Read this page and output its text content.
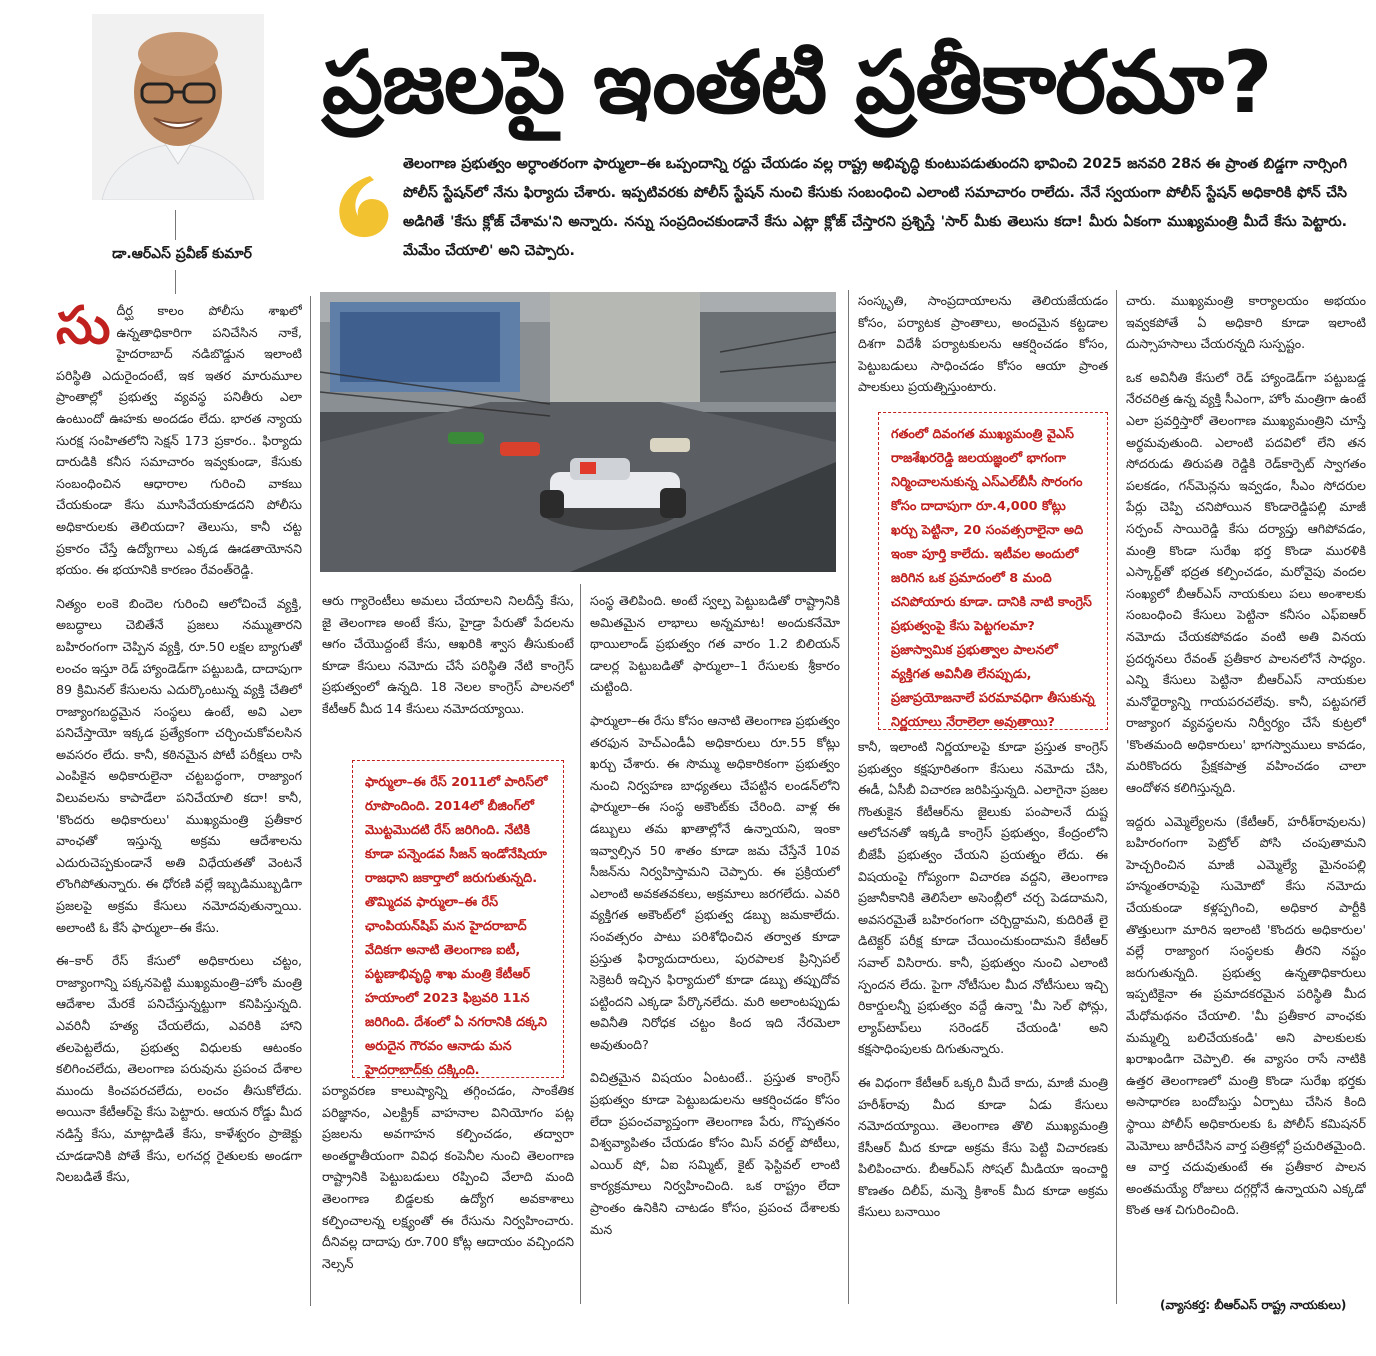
డా.ఆర్‌ఎస్ ప్రవీణ్ కుమార్
ప్రజలపై ఇంతటి ప్రతీకారమా?
తెలంగాణ ప్రభుత్వం అర్ధాంతరంగా ఫార్ములా–ఈ ఒప్పందాన్ని రద్దు చేయడం వల్ల రాష్ట్ర అభివృద్ధి కుంటుపడుతుందని భావించి 2025 జనవరి 28న ఈ ప్రాంత బిడ్డగా నార్సింగి పోలీస్ స్టేషన్‌లో నేను ఫిర్యాదు చేశారు. ఇప్పటివరకు పోలీస్ స్టేషన్ నుంచి కేసుకు సంబంధించి ఎలాంటి సమాచారం రాలేదు. నేనే స్వయంగా పోలీస్ స్టేషన్ అధికారికి ఫోన్ చేసి అడిగితే 'కేసు క్లోజ్ చేశామ'ని అన్నారు. నన్ను సంప్రదించకుండానే కేసు ఎట్లా క్లోజ్ చేస్తారని ప్రశ్నిస్తే 'సార్ మీకు తెలుసు కదా! మీరు ఏకంగా ముఖ్యమంత్రి మీదే కేసు పెట్టారు. మేమేం చేయాలి' అని చెప్పారు.

సుదీర్ఘ కాలం పోలీసు శాఖలో ఉన్నతాధికారిగా పనిచేసిన నాకే, హైదరాబాద్ నడిబొడ్డున ఇలాంటి పరిస్థితి ఎదురైందంటే, ఇక ఇతర మారుమూల ప్రాంతాల్లో ప్రభుత్వ వ్యవస్థ పనితీరు ఎలా ఉంటుందో ఊహకు అందడం లేదు. భారత న్యాయ సురక్ష సంహితలోని సెక్షన్ 173 ప్రకారం.. ఫిర్యాదు దారుడికి కనీస సమాచారం ఇవ్వకుండా, కేసుకు సంబంధించిన ఆధారాల గురించి వాకబు చేయకుండా కేసు మూసివేయకూడదని పోలీసు అధికారులకు తెలియదా? తెలుసు, కానీ చట్ట ప్రకారం చేస్తే ఉద్యోగాలు ఎక్కడ ఊడతాయోనని భయం. ఈ భయానికి కారణం రేవంత్‌రెడ్డి.

నిత్యం లంకె బిందెల గురించి ఆలోచించే వ్యక్తి, అబద్ధాలు చెబితేనే ప్రజలు నమ్ముతారని బహిరంగంగా చెప్పిన వ్యక్తి, రూ.50 లక్షల బ్యాగుతో లంచం ఇస్తూ రెడ్ హ్యాండెడ్‌గా పట్టుబడి, దాదాపుగా 89 క్రిమినల్ కేసులను ఎదుర్కొంటున్న వ్యక్తి చేతిలో రాజ్యాంగబద్ధమైన సంస్థలు ఉంటే, అవి ఎలా పనిచేస్తాయో ఇక్కడ ప్రత్యేకంగా చర్చించుకోవలసిన అవసరం లేదు. కానీ, కఠినమైన పోటీ పరీక్షలు రాసి ఎంపికైన అధికారులైనా చట్టబద్ధంగా, రాజ్యాంగ విలువలను కాపాడేలా పనిచేయాలి కదా! కానీ, 'కొందరు అధికారులు' ముఖ్యమంత్రి ప్రతీకార వాంఛతో ఇస్తున్న అక్రమ ఆదేశాలను ఎదురుచెప్పకుండానే అతి విధేయతతో వెంటనే లొంగిపోతున్నారు. ఈ ధోరణి వల్లే ఇబ్బడిముబ్బడిగా ప్రజలపై అక్రమ కేసులు నమోదవుతున్నాయి. అలాంటి ఓ కేసే ఫార్ములా–ఈ కేసు.

ఈ–కార్ రేస్ కేసులో అధికారులు చట్టం, రాజ్యాంగాన్ని పక్కనపెట్టి ముఖ్యమంత్రి–హోం మంత్రి ఆదేశాల మేరకే పనిచేస్తున్నట్టుగా కనిపిస్తున్నది. ఎవరినీ హత్య చేయలేదు, ఎవరికి హాని తలపెట్టలేదు, ప్రభుత్వ విధులకు ఆటంకం కలిగించలేదు, తెలంగాణ పరువును ప్రపంచ దేశాల ముందు కించపరచలేదు, లంచం తీసుకోలేదు. అయినా కేటీఆర్‌పై కేసు పెట్టారు. ఆయన రోడ్డు మీద నడిస్తే కేసు, మాట్లాడితే కేసు, కాళేశ్వరం ప్రాజెక్టు చూడడానికి పోతే కేసు, లగచర్ల రైతులకు అండగా నిలబడితే కేసు,

ఆరు గ్యారెంటీలు అమలు చేయాలని నిలదీస్తే కేసు, జై తెలంగాణ అంటే కేసు, హైడ్రా పేరుతో పేదలను ఆగం చేయొద్దంటే కేసు, ఆఖరికి శ్వాస తీసుకుంటే కూడా కేసులు నమోదు చేసే పరిస్థితి నేటి కాంగ్రెస్ ప్రభుత్వంలో ఉన్నది. 18 నెలల కాంగ్రెస్ పాలనలో కేటీఆర్ మీద 14 కేసులు నమోదయ్యాయి.

ఫార్ములా–ఈ రేస్ 2011లో పారిస్‌లో రూపొందింది. 2014లో బీజింగ్‌లో మొట్టమొదటి రేస్ జరిగింది. నేటికి కూడా పన్నెండవ సీజన్ ఇండోనేషియా రాజధాని జకార్తాలో జరుగుతున్నది. తొమ్మిదవ ఫార్ములా–ఈ రేస్ ఛాంపియన్‌షిప్ మన హైదరాబాద్ వేదికగా అనాటి తెలంగాణ ఐటీ, పట్టణాభివృద్ధి శాఖ మంత్రి కేటీఆర్ హయాంలో 2023 ఫిబ్రవరి 11న జరిగింది. దేశంలో ఏ నగరానికి దక్కని అరుదైన గౌరవం ఆనాడు మన హైదరాబాద్‌కు దక్కింది.

పర్యావరణ కాలుష్యాన్ని తగ్గించడం, సాంకేతిక పరిజ్ఞానం, ఎలక్ట్రిక్ వాహనాల వినియోగం పట్ల ప్రజలను అవగాహన కల్పించడం, తద్వారా అంతర్జాతీయంగా వివిధ కంపెనీల నుంచి తెలంగాణ రాష్ట్రానికి పెట్టుబడులు రప్పించి వేలాది మంది తెలంగాణ బిడ్డలకు ఉద్యోగ అవకాశాలు కల్పించాలన్న లక్ష్యంతో ఈ రేసును నిర్వహించారు. దీనివల్ల దాదాపు రూ.700 కోట్ల ఆదాయం వచ్చిందని నెల్సన్

సంస్థ తెలిపింది. అంటే స్వల్ప పెట్టుబడితో రాష్ట్రానికి అమితమైన లాభాలు అన్నమాట! అందుకనేమో థాయిలాండ్ ప్రభుత్వం గత వారం 1.2 బిలియన్ డాలర్ల పెట్టుబడితో ఫార్ములా–1 రేసులకు శ్రీకారం చుట్టింది.

ఫార్ములా–ఈ రేసు కోసం ఆనాటి తెలంగాణ ప్రభుత్వం తరఫున హెచ్‌ఎండీఏ అధికారులు రూ.55 కోట్లు ఖర్చు చేశారు. ఈ సొమ్ము అధికారికంగా ప్రభుత్వం నుంచి నిర్వహణ బాధ్యతలు చేపట్టిన లండన్‌లోని ఫార్ములా–ఈ సంస్థ అకౌంట్‌కు చేరింది. వాళ్ల ఈ డబ్బులు తమ ఖాతాల్లోనే ఉన్నాయని, ఇంకా ఇవ్వాల్సిన 50 శాతం కూడా జమ చేస్తేనే 10వ సీజన్‌ను నిర్వహిస్తామని చెప్పారు. ఈ ప్రక్రియలో ఎలాంటి అవకతవకలు, అక్రమాలు జరగలేదు. ఎవరి వ్యక్తిగత అకౌంట్‌లో ప్రభుత్వ డబ్బు జమకాలేదు. సంవత్సరం పాటు పరిశోధించిన తర్వాత కూడా ప్రస్తుత ఫిర్యాదుదారులు, పురపాలక ప్రిన్సిపల్ సెక్రెటరీ ఇచ్చిన ఫిర్యాదులో కూడా డబ్బు తప్పుదోవ పట్టిందని ఎక్కడా పేర్కొనలేదు. మరి అలాంటప్పుడు అవినీతి నిరోధక చట్టం కింద ఇది నేరమెలా అవుతుంది?

విచిత్రమైన విషయం ఏంటంటే.. ప్రస్తుత కాంగ్రెస్ ప్రభుత్వం కూడా పెట్టుబడులను ఆకర్షించడం కోసం లేదా ప్రపంచవ్యాప్తంగా తెలంగాణ పేరు, గొప్పతనం విశ్వవ్యాపితం చేయడం కోసం మిస్ వరల్డ్ పోటీలు, ఎయిర్ షో, ఏఐ సమ్మిట్, కైట్ ఫెస్టివల్ లాంటి కార్యక్రమాలు నిర్వహించింది. ఒక రాష్ట్రం లేదా ప్రాంతం ఉనికిని చాటడం కోసం, ప్రపంచ దేశాలకు మన

సంస్కృతి, సాంప్రదాయాలను తెలియజేయడం కోసం, పర్యాటక ప్రాంతాలు, అందమైన కట్టడాల దిశగా విదేశీ పర్యాటకులను ఆకర్షించడం కోసం, పెట్టుబడులు సాధించడం కోసం ఆయా ప్రాంత పాలకులు ప్రయత్నిస్తుంటారు.

గతంలో దివంగత ముఖ్యమంత్రి వైఎస్ రాజశేఖరరెడ్డి జలయజ్ఞంలో భాగంగా నిర్మించాలనుకున్న ఎస్‌ఎల్‌బీసీ సొరంగం కోసం దాదాపుగా రూ.4,000 కోట్లు ఖర్చు పెట్టినా, 20 సంవత్సరాలైనా అది ఇంకా పూర్తి కాలేదు. ఇటీవల అందులో జరిగిన ఒక ప్రమాదంలో 8 మంది చనిపోయారు కూడా. దానికి నాటి కాంగ్రెస్ ప్రభుత్వంపై కేసు పెట్టగలమా? ప్రజాస్వామిక ప్రభుత్వాల పాలనలో వ్యక్తిగత అవినీతి లేనప్పుడు, ప్రజాప్రయోజనాలే పరమావధిగా తీసుకున్న నిర్ణయాలు నేరాలెలా అవుతాయి?

కానీ, ఇలాంటి నిర్ణయాలపై కూడా ప్రస్తుత కాంగ్రెస్ ప్రభుత్వం కక్షపూరితంగా కేసులు నమోదు చేసి, ఈడీ, ఏసీబీ విచారణ జరిపిస్తున్నది. ఎలాగైనా ప్రజల గొంతుకైన కేటీఆర్‌ను జైలుకు పంపాలనే దుష్ట ఆలోచనతో ఇక్కడి కాంగ్రెస్ ప్రభుత్వం, కేంద్రంలోని బీజేపీ ప్రభుత్వం చేయని ప్రయత్నం లేదు. ఈ విషయంపై గోప్యంగా విచారణ వద్దని, తెలంగాణ ప్రజానీకానికి తెలిసేలా అసెంబ్లీలో చర్చ పెడదామని, అవసరమైతే బహిరంగంగా చర్చిద్దామని, కుదిరితే లై డిటెక్టర్ పరీక్ష కూడా చేయించుకుందామని కేటీఆర్ సవాల్ విసిరారు. కానీ, ప్రభుత్వం నుంచి ఎలాంటి స్పందన లేదు. పైగా నోటీసుల మీద నోటీసులు ఇచ్చి రికార్డులన్నీ ప్రభుత్వం వద్దే ఉన్నా 'మీ సెల్ ఫోన్లు, ల్యాప్‌టాప్‌లు సరెండర్ చేయండి' అని కక్షసాధింపులకు దిగుతున్నారు.

ఈ విధంగా కేటీఆర్ ఒక్కరి మీదే కాదు, మాజీ మంత్రి హరీశ్‌రావు మీద కూడా ఏడు కేసులు నమోదయ్యాయి. తెలంగాణ తొలి ముఖ్యమంత్రి కేసీఆర్ మీద కూడా అక్రమ కేసు పెట్టి విచారణకు పిలిపించారు. బీఆర్‌ఎస్ సోషల్ మీడియా ఇంచార్జి కొణతం దిలీప్, మన్నె క్రిశాంక్ మీద కూడా అక్రమ కేసులు బనాయిం

చారు. ముఖ్యమంత్రి కార్యాలయం అభయం ఇవ్వకపోతే ఏ అధికారి కూడా ఇలాంటి దుస్సాహసాలు చేయరన్నది సుస్పష్టం.

ఒక అవినీతి కేసులో రెడ్ హ్యాండెడ్‌గా పట్టుబడ్డ నేరచరిత్ర ఉన్న వ్యక్తి సీఎంగా, హోం మంత్రిగా ఉంటే ఎలా ప్రవర్తిస్తారో తెలంగాణ ముఖ్యమంత్రిని చూస్తే అర్థమవుతుంది. ఎలాంటి పదవిలో లేని తన సోదరుడు తిరుపతి రెడ్డికి రెడ్‌కార్పెట్ స్వాగతం పలకడం, గన్‌మెన్లను ఇవ్వడం, సీఎం సోదరుల పేర్లు చెప్పి చనిపోయిన కొండారెడ్డిపల్లి మాజీ సర్పంచ్ సాయిరెడ్డి కేసు దర్యాప్తు ఆగిపోవడం, మంత్రి కొండా సురేఖ భర్త కొండా మురళికి ఎస్కార్ట్‌తో భద్రత కల్పించడం, మరోవైపు వందల సంఖ్యలో బీఆర్‌ఎస్ నాయకులు పలు అంశాలకు సంబంధించి కేసులు పెట్టినా కనీసం ఎఫ్‌ఐఆర్ నమోదు చేయకపోవడం వంటి అతి వినయ ప్రదర్శనలు రేవంత్ ప్రతీకార పాలనలోనే సాధ్యం. ఎన్ని కేసులు పెట్టినా బీఆర్‌ఎస్ నాయకుల మనోధైర్యాన్ని గాయపరచలేవు. కానీ, పట్టపగలే రాజ్యాంగ వ్యవస్థలను నిర్వీర్యం చేసే కుట్రలో 'కొంతమంది అధికారులు' భాగస్వాములు కావడం, మరికొందరు ప్రేక్షకపాత్ర వహించడం చాలా ఆందోళన కలిగిస్తున్నది.

ఇద్దరు ఎమ్మెల్యేలను (కేటీఆర్, హరీశ్‌రావులను) బహిరంగంగా పెట్రోల్ పోసి చంపుతామని హెచ్చరించిన మాజీ ఎమ్మెల్యే మైనంపల్లి హన్మంతరావుపై సుమోటో కేసు నమోదు చేయకుండా కళ్లప్పగించి, అధికార పార్టీకి తొత్తులుగా మారిన ఇలాంటి 'కొందరు అధికారుల' వల్లే రాజ్యాంగ సంస్థలకు తీరని నష్టం జరుగుతున్నది. ప్రభుత్వ ఉన్నతాధికారులు ఇప్పటికైనా ఈ ప్రమాదకరమైన పరిస్థితి మీద మేధోమథనం చేయాలి. 'మీ ప్రతీకార వాంఛకు మమ్మల్ని బలిచేయకండి' అని పాలకులకు ఖరాఖండిగా చెప్పాలి. ఈ వ్యాసం రాసే నాటికి ఉత్తర తెలంగాణలో మంత్రి కొండా సురేఖ భర్తకు అసాధారణ బందోబస్తు ఏర్పాటు చేసిన కింది స్థాయి పోలీస్ అధికారులకు ఓ పోలీస్ కమిషనర్ మెమోలు జారీచేసిన వార్త పత్రికల్లో ప్రచురితమైంది. ఆ వార్త చదువుతుంటే ఈ ప్రతీకార పాలన అంతమయ్యే రోజులు దగ్గర్లోనే ఉన్నాయని ఎక్కడో కొంత ఆశ చిగురించింది.

(వ్యాసకర్త: బీఆర్‌ఎస్ రాష్ట్ర నాయకులు)
